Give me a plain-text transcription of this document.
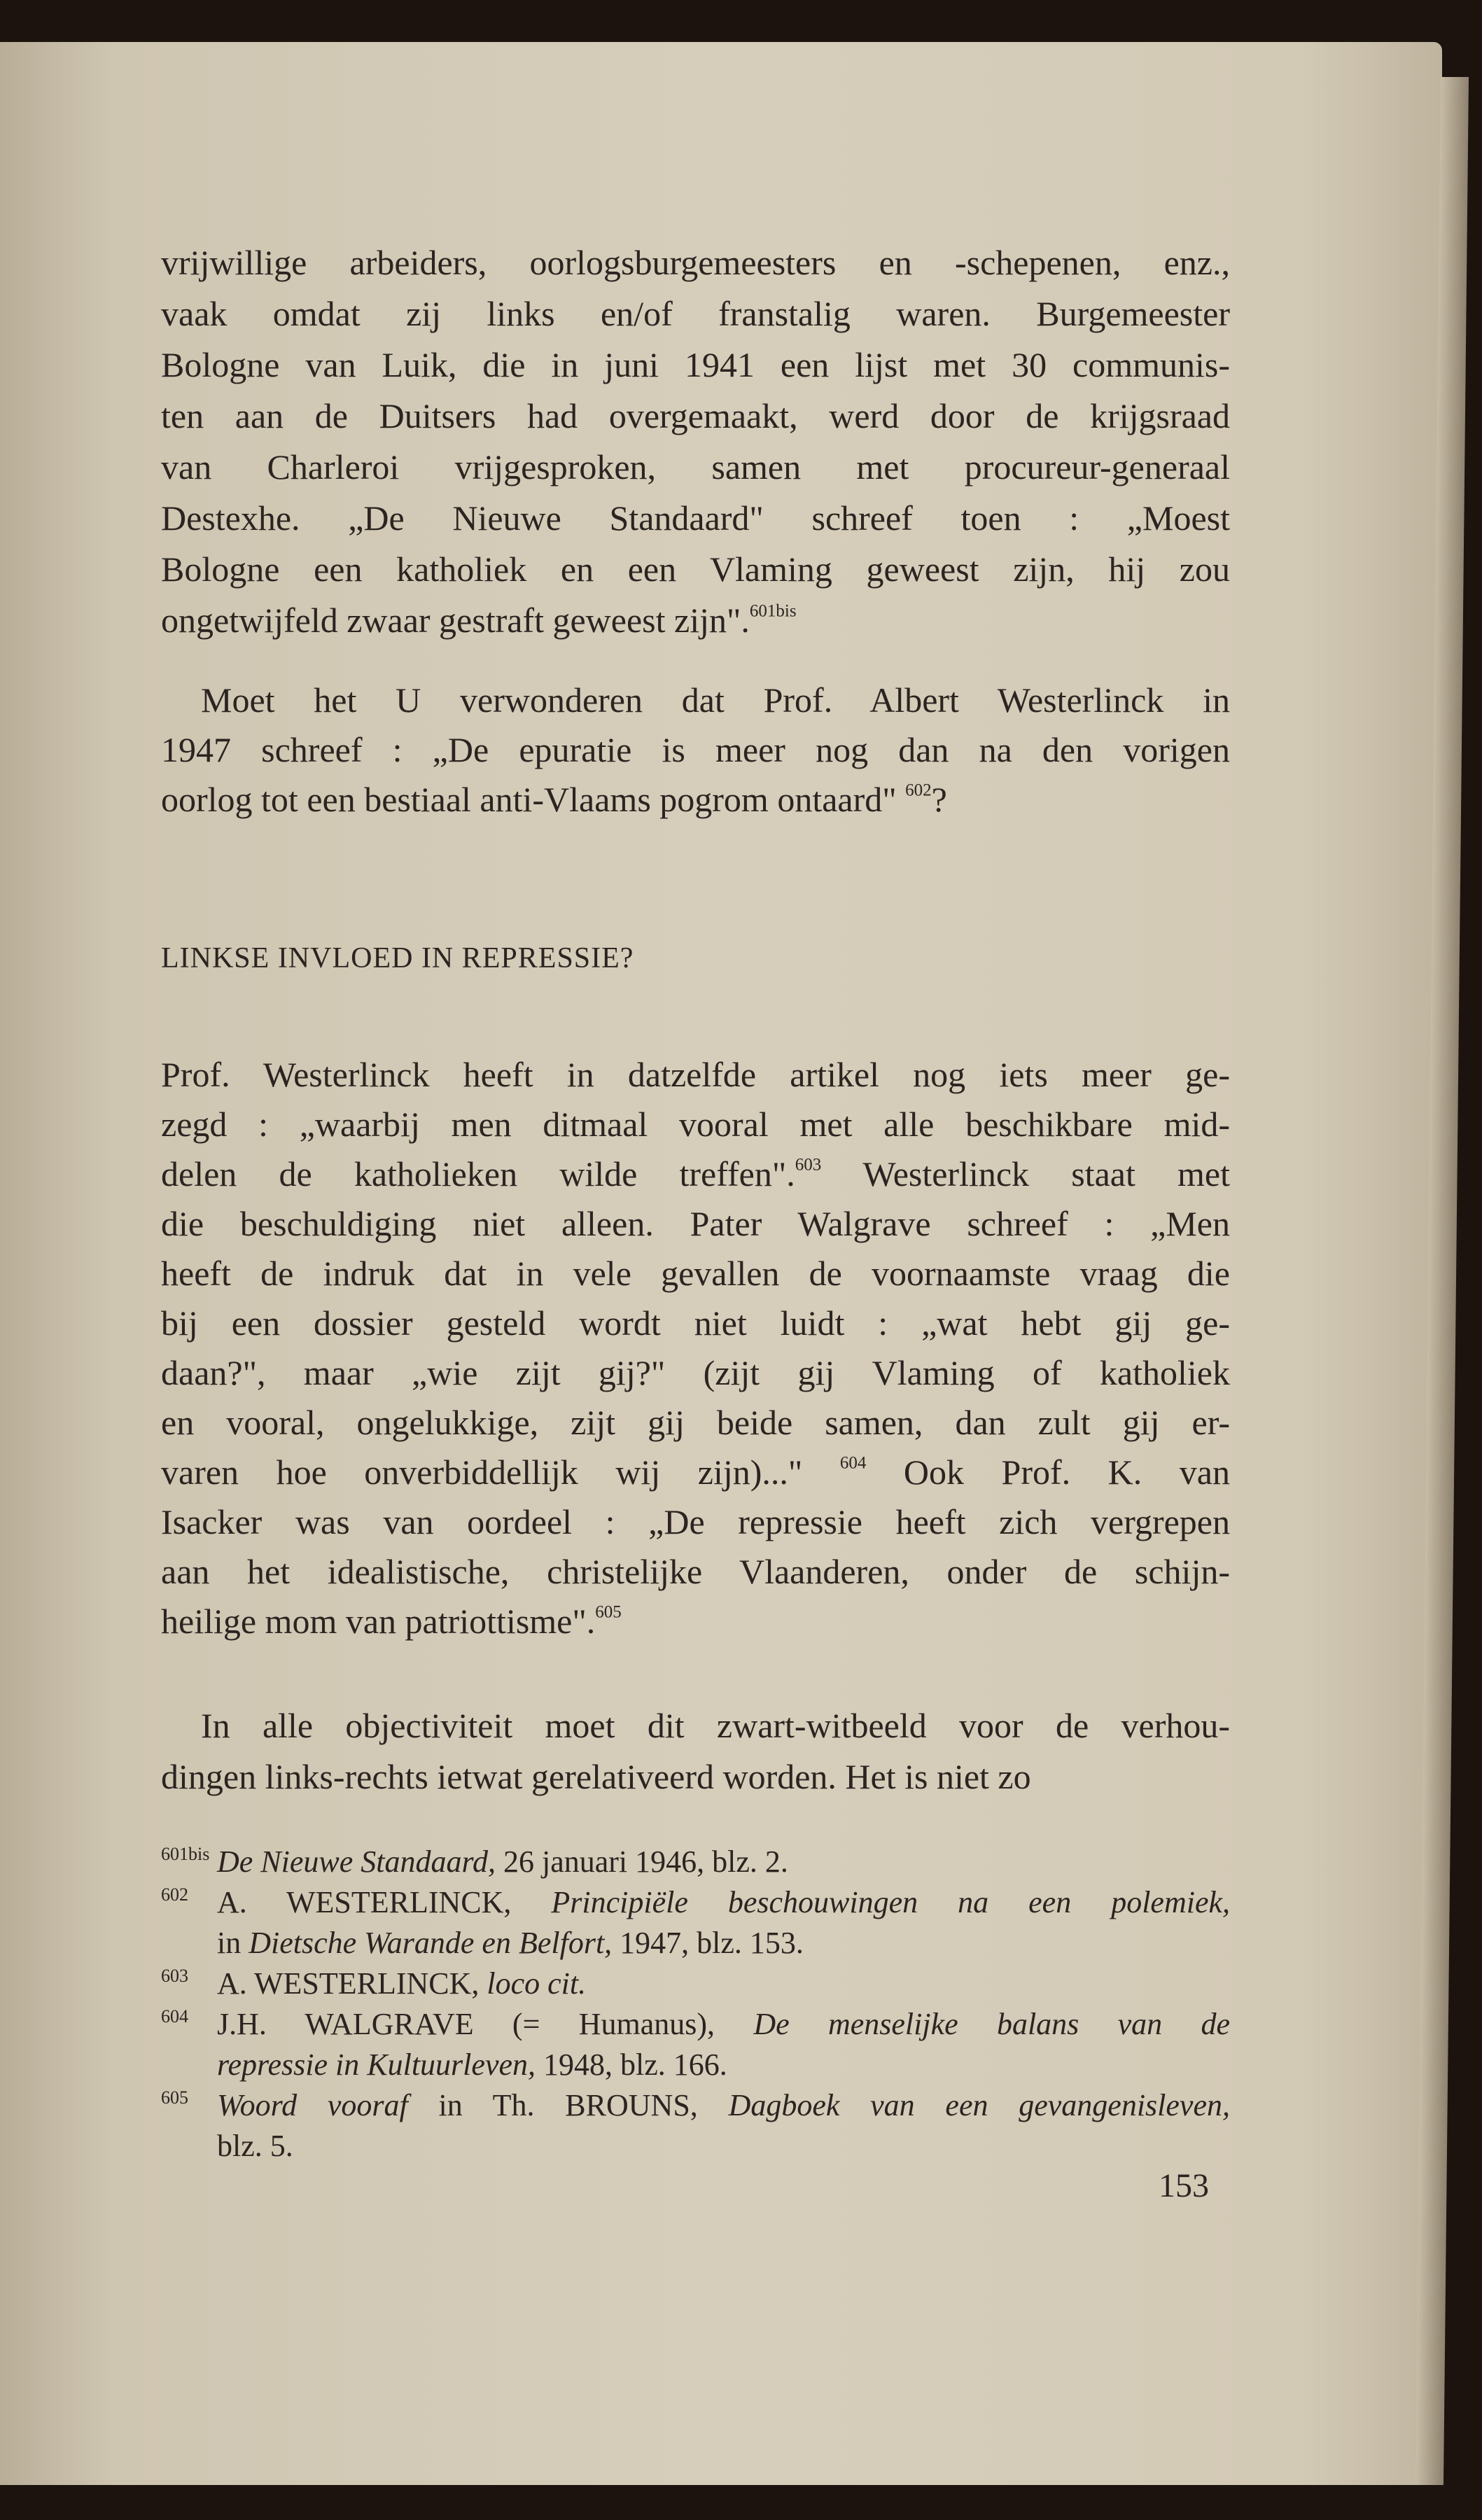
vrijwillige arbeiders, oorlogsburgemeesters en -schepenen, enz.,
vaak omdat zij links en/of franstalig waren. Burgemeester
Bologne van Luik, die in juni 1941 een lijst met 30 communis-
ten aan de Duitsers had overgemaakt, werd door de krijgsraad
van Charleroi vrijgesproken, samen met procureur-generaal
Destexhe. „De Nieuwe Standaard" schreef toen : „Moest
Bologne een katholiek en een Vlaming geweest zijn, hij zou
ongetwijfeld zwaar gestraft geweest zijn".$^{601bis}$
Moet het U verwonderen dat Prof. Albert Westerlinck in
1947 schreef : „De epuratie is meer nog dan na den vorigen
oorlog tot een bestiaal anti-Vlaams pogrom ontaard" $^{602}$?
Prof. Westerlinck heeft in datzelfde artikel nog iets meer ge-
zegd : „waarbij men ditmaal vooral met alle beschikbare mid-
delen de katholieken wilde treffen".$^{603}$ Westerlinck staat met
die beschuldiging niet alleen. Pater Walgrave schreef : „Men
heeft de indruk dat in vele gevallen de voornaamste vraag die
bij een dossier gesteld wordt niet luidt : „wat hebt gij ge-
daan?", maar „wie zijt gij?" (zijt gij Vlaming of katholiek
en vooral, ongelukkige, zijt gij beide samen, dan zult gij er-
varen hoe onverbiddellijk wij zijn)..." $^{604}$ Ook Prof. K. van
Isacker was van oordeel : „De repressie heeft zich vergrepen
aan het idealistische, christelijke Vlaanderen, onder de schijn-
heilige mom van patriottisme".$^{605}$
In alle objectiviteit moet dit zwart-witbeeld voor de verhou-
dingen links-rechts ietwat gerelativeerd worden. Het is niet zo
601bis De Nieuwe Standaard, 26 januari 1946, blz. 2.
602 A. WESTERLINCK, Principiële beschouwingen na een polemiek,
in Dietsche Warande en Belfort, 1947, blz. 153.
603 A. WESTERLINCK, loco cit.
604 J.H. WALGRAVE (= Humanus), De menselijke balans van de
repressie in Kultuurleven, 1948, blz. 166.
605 Woord vooraf in Th. BROUNS, Dagboek van een gevangenisleven,
blz. 5.
LINKSE INVLOED IN REPRESSIE?
153
